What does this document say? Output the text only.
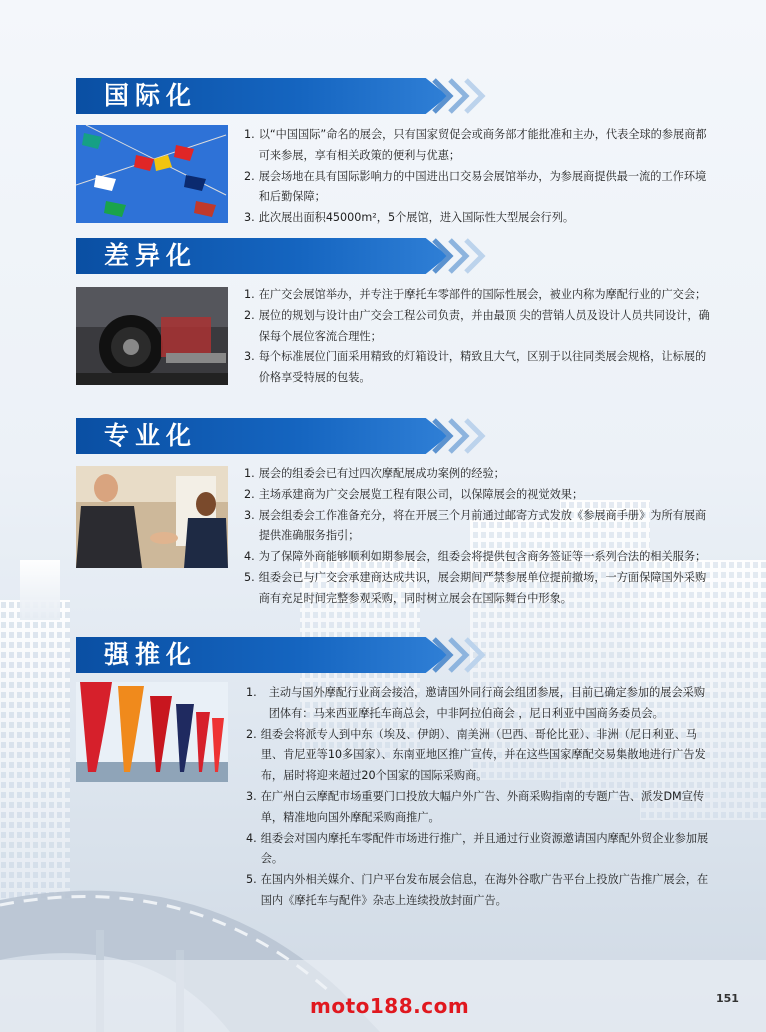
国际化
1. 以“中国国际”命名的展会，只有国家贸促会或商务部才能批准和主办，代表全球的参展商都可来参展，享有相关政策的便利与优惠；
2. 展会场地在具有国际影响力的中国进出口交易会展馆举办，为参展商提供最一流的工作环境和后勤保障；
3. 此次展出面积45000m²，5个展馆，进入国际性大型展会行列。
差异化
1. 在广交会展馆举办，并专注于摩托车零部件的国际性展会，被业内称为摩配行业的广交会；
2. 展位的规划与设计由广交会工程公司负责，并由最顶 尖的营销人员及设计人员共同设计，确保每个展位客流合理性；
3. 每个标准展位门面采用精致的灯箱设计，精致且大气，区别于以往同类展会规格，让标展的价格享受特展的包装。
专业化
1. 展会的组委会已有过四次摩配展成功案例的经验；
2. 主场承建商为广交会展览工程有限公司，以保障展会的视觉效果；
3. 展会组委会工作准备充分，将在开展三个月前通过邮寄方式发放《参展商手册》为所有展商提供准确服务指引；
4. 为了保障外商能够顺利如期参展会，组委会将提供包含商务签证等一系列合法的相关服务；
5. 组委会已与广交会承建商达成共识，展会期间严禁参展单位提前撤场，一方面保障国外采购商有充足时间完整参观采购，同时树立展会在国际舞台中形象。
强推化
1.	主动与国外摩配行业商会接洽，邀请国外同行商会组团参展，目前已确定参加的展会采购团体有：马来西亚摩托车商总会，中非阿拉伯商会 ，尼日利亚中国商务委员会。
2. 组委会将派专人到中东（埃及、伊朗）、南美洲（巴西、哥伦比亚）、非洲（尼日利亚、马里、肯尼亚等10多国家）、东南亚地区推广宣传，并在这些国家摩配交易集散地进行广告发布，届时将迎来超过20个国家的国际采购商。
3. 在广州白云摩配市场重要门口投放大幅户外广告、外商采购指南的专题广告、派发DM宣传单，精准地向国外摩配采购商推广。
4. 组委会对国内摩托车零配件市场进行推广，并且通过行业资源邀请国内摩配外贸企业参加展会。
5. 在国内外相关媒介、门户平台发布展会信息，在海外谷歌广告平台上投放广告推广展会，在国内《摩托车与配件》杂志上连续投放封面广告。
moto188.com	151
